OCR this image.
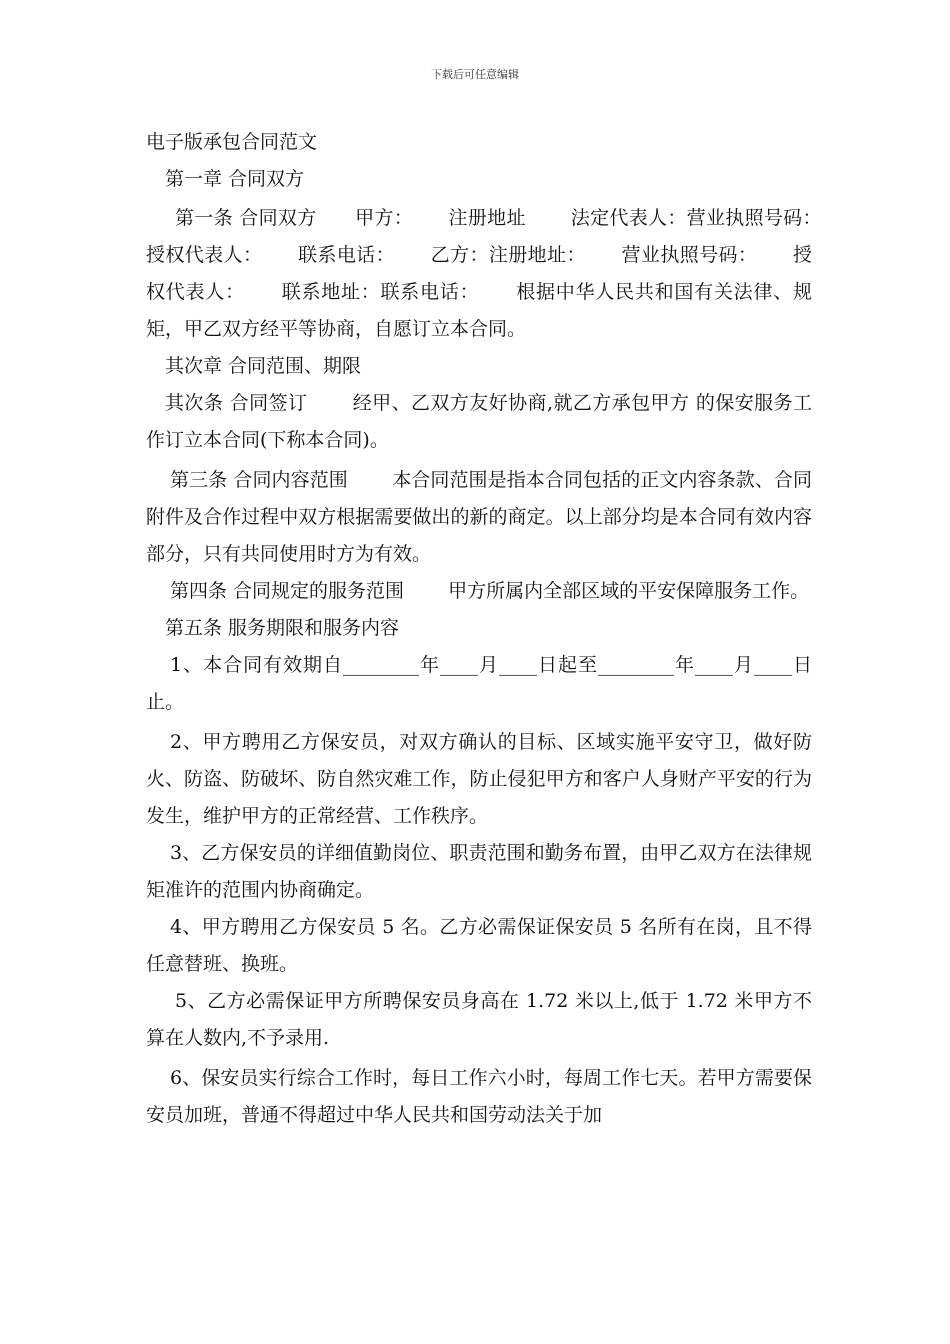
下载后可任意编辑

电子版承包合同范文

第一章 合同双方

第一条 合同双方　　甲方：　　 注册地址　　 法定代表人：营业执照号码：　　 授权代表人：　　 联系电话：　　 乙方：注册地址：　　 营业执照号码：　　 授权代表人：　　 联系地址：联系电话：　　 根据中华人民共和国有关法律、规矩，甲乙双方经平等协商，自愿订立本合同。

其次章 合同范围、期限

其次条 合同签订　　 经甲、乙双方友好协商,就乙方承包甲方 的保安服务工作订立本合同(下称本合同)。

第三条 合同内容范围　　 本合同范围是指本合同包括的正文内容条款、合同附件及合作过程中双方根据需要做出的新的商定。以上部分均是本合同有效内容部分，只有共同使用时方为有效。

第四条 合同规定的服务范围　　 甲方所属内全部区域的平安保障服务工作。

第五条 服务期限和服务内容

1、本合同有效期自________年____月____日起至________年____月____日止。

2、甲方聘用乙方保安员，对双方确认的目标、区域实施平安守卫，做好防火、防盗、防破坏、防自然灾难工作，防止侵犯甲方和客户人身财产平安的行为发生，维护甲方的正常经营、工作秩序。

3、乙方保安员的详细值勤岗位、职责范围和勤务布置，由甲乙双方在法律规矩准许的范围内协商确定。

4、甲方聘用乙方保安员 5 名。乙方必需保证保安员 5 名所有在岗，且不得任意替班、换班。

5、乙方必需保证甲方所聘保安员身高在 1.72 米以上,低于 1.72 米甲方不算在人数内,不予录用.

6、保安员实行综合工作时，每日工作六小时，每周工作七天。若甲方需要保安员加班，普通不得超过中华人民共和国劳动法关于加
